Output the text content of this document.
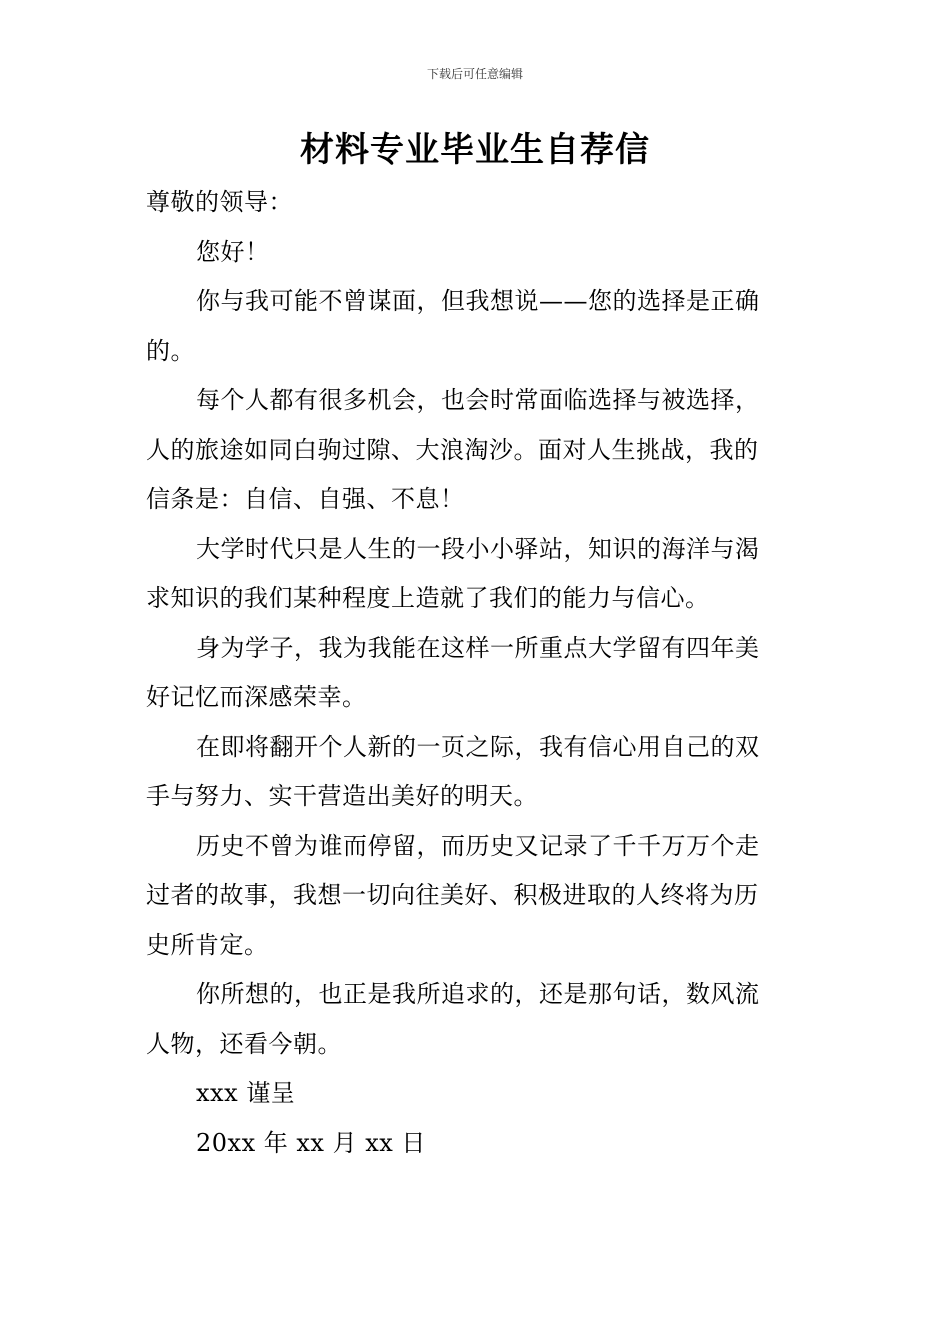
下载后可任意编辑
材料专业毕业生自荐信
尊敬的领导：
您好！
你与我可能不曾谋面，但我想说——您的选择是正确
的。
每个人都有很多机会，也会时常面临选择与被选择，
人的旅途如同白驹过隙、大浪淘沙。面对人生挑战，我的
信条是：自信、自强、不息！
大学时代只是人生的一段小小驿站，知识的海洋与渴
求知识的我们某种程度上造就了我们的能力与信心。
身为学子，我为我能在这样一所重点大学留有四年美
好记忆而深感荣幸。
在即将翻开个人新的一页之际，我有信心用自己的双
手与努力、实干营造出美好的明天。
历史不曾为谁而停留，而历史又记录了千千万万个走
过者的故事，我想一切向往美好、积极进取的人终将为历
史所肯定。
你所想的，也正是我所追求的，还是那句话，数风流
人物，还看今朝。
xxx 谨呈
20xx 年 xx 月 xx 日
